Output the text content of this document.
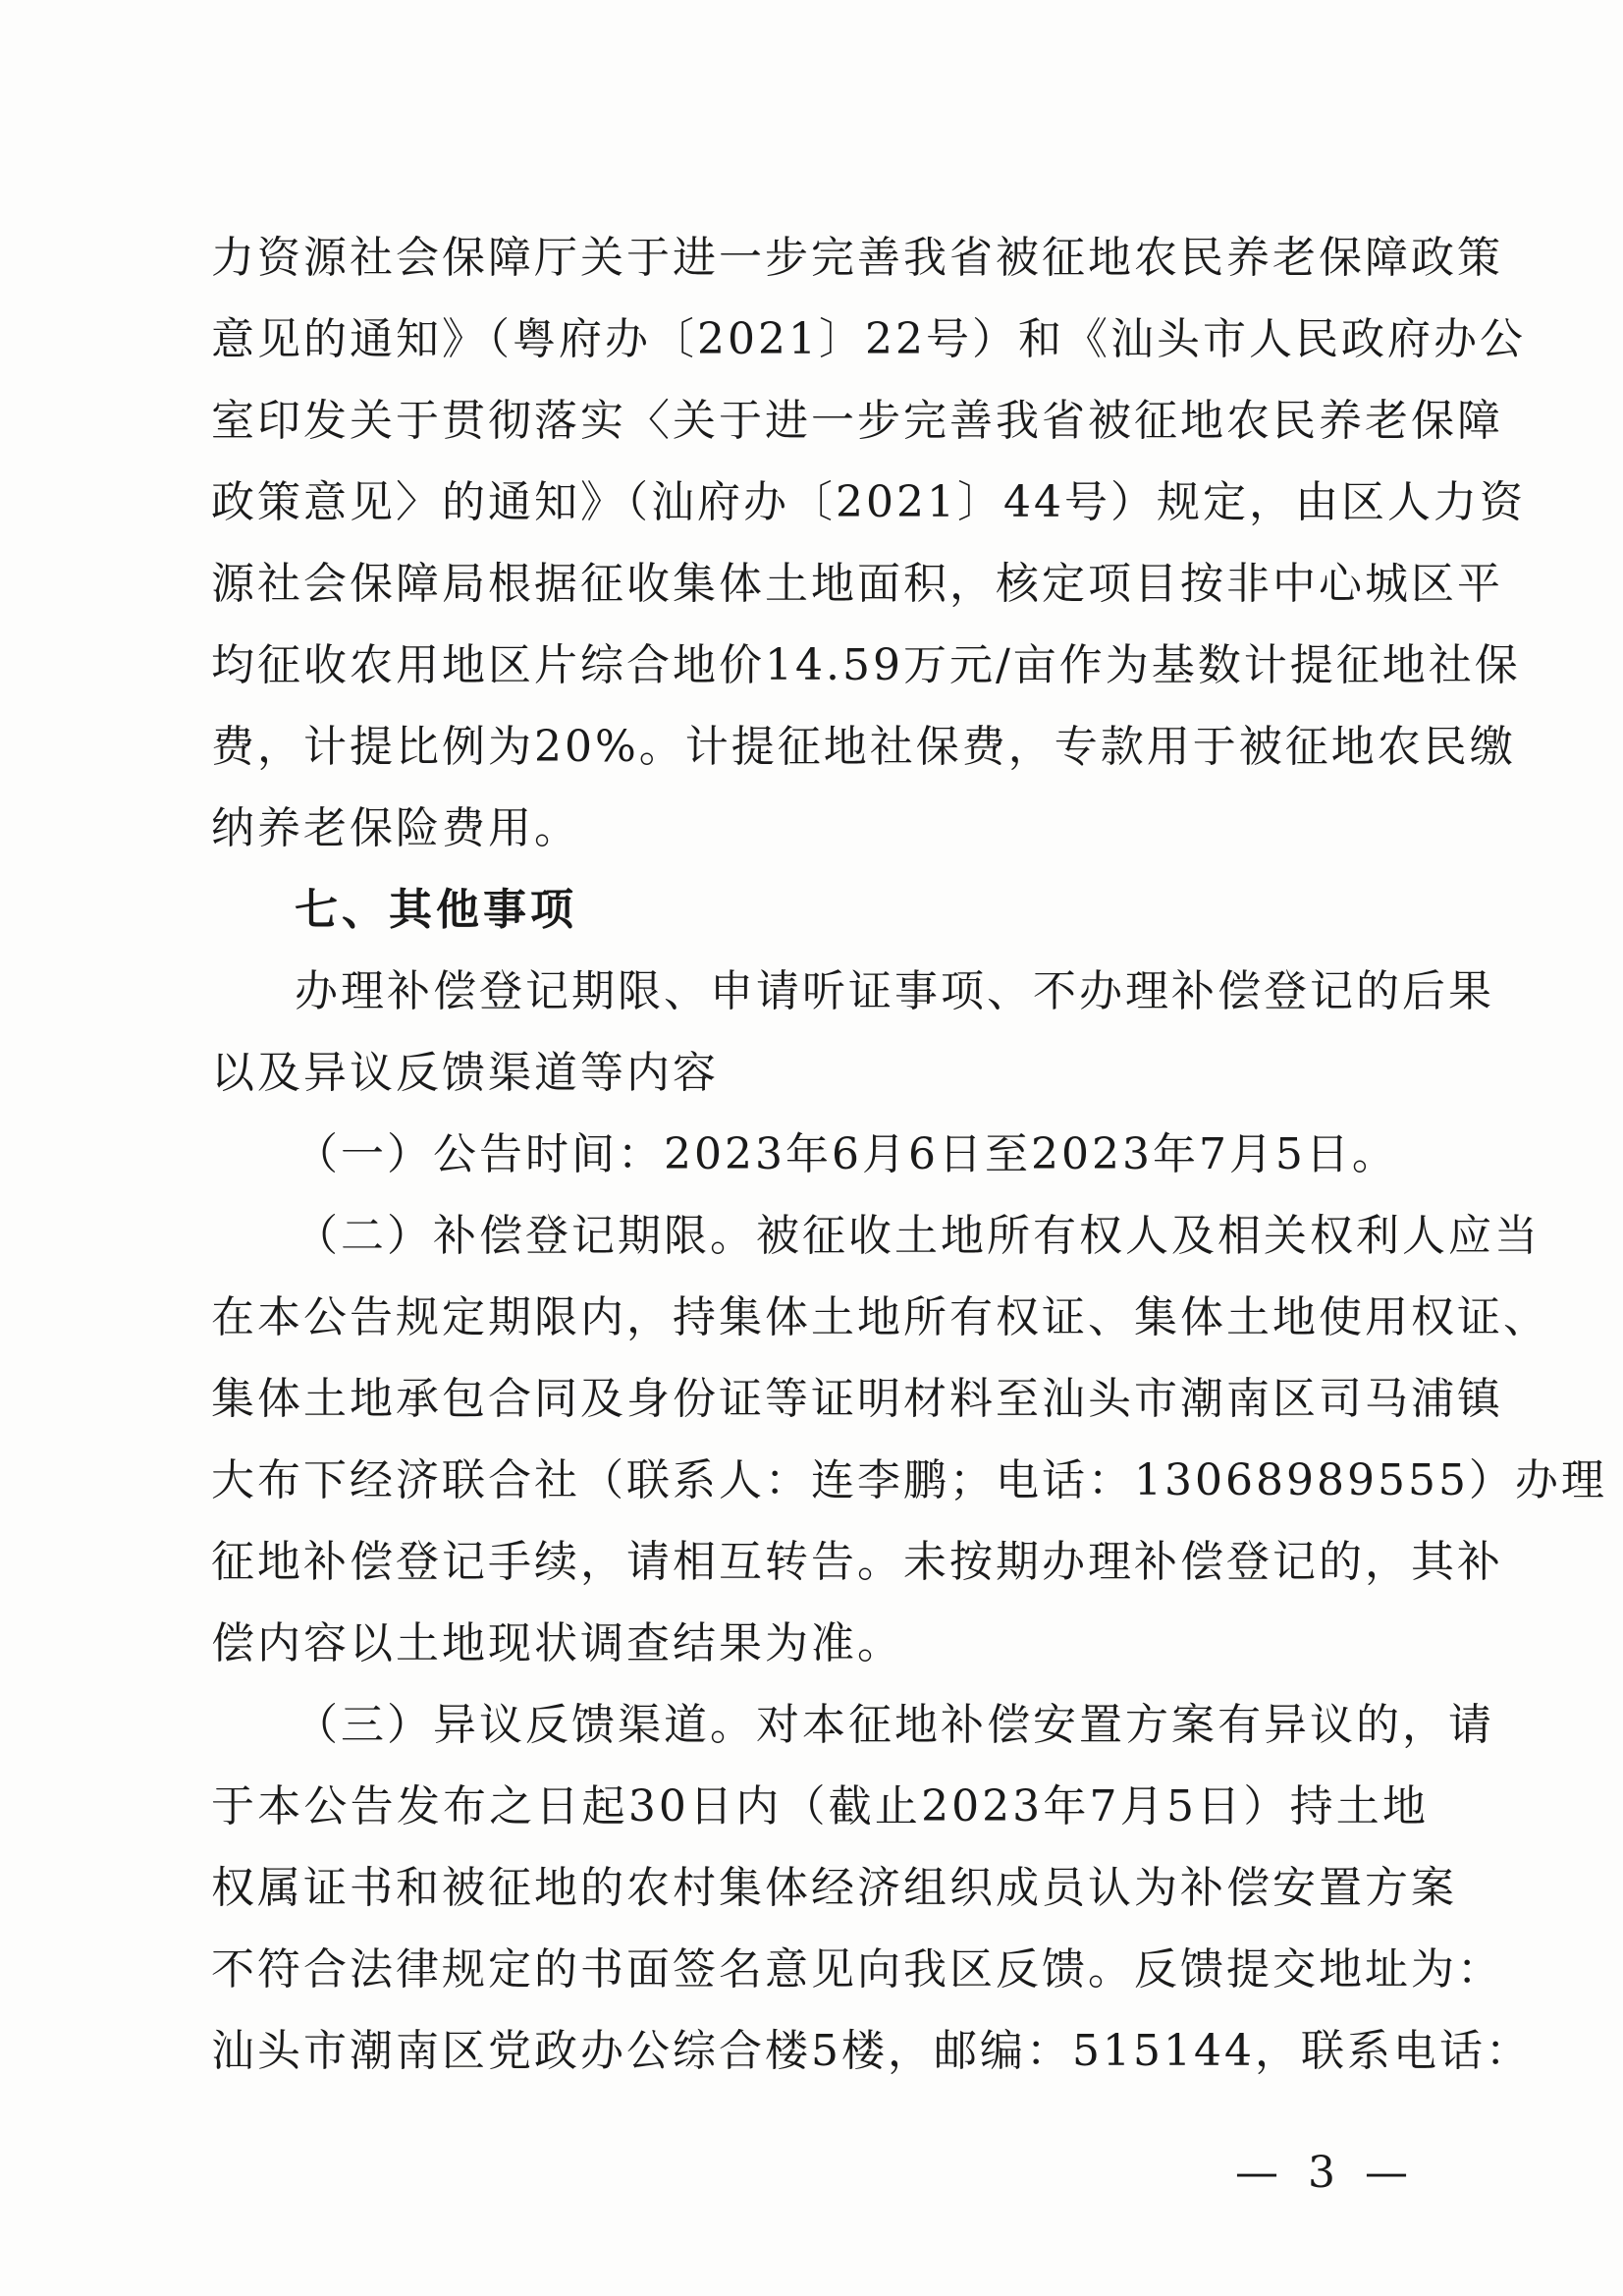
力资源社会保障厅关于进一步完善我省被征地农民养老保障政策
意见的通知》（粤府办〔2021〕22号）和《汕头市人民政府办公
室印发关于贯彻落实〈关于进一步完善我省被征地农民养老保障
政策意见〉的通知》（汕府办〔2021〕44号）规定，由区人力资
源社会保障局根据征收集体土地面积，核定项目按非中心城区平
均征收农用地区片综合地价14.59万元/亩作为基数计提征地社保
费，计提比例为20%。计提征地社保费，专款用于被征地农民缴
纳养老保险费用。
七、其他事项
办理补偿登记期限、申请听证事项、不办理补偿登记的后果
以及异议反馈渠道等内容
（一）公告时间：2023年6月6日至2023年7月5日。
（二）补偿登记期限。被征收土地所有权人及相关权利人应当
在本公告规定期限内，持集体土地所有权证、集体土地使用权证、
集体土地承包合同及身份证等证明材料至汕头市潮南区司马浦镇
大布下经济联合社（联系人：连李鹏；电话：13068989555）办理
征地补偿登记手续，请相互转告。未按期办理补偿登记的，其补
偿内容以土地现状调查结果为准。
（三）异议反馈渠道。对本征地补偿安置方案有异议的，请
于本公告发布之日起30日内（截止2023年7月5日）持土地
权属证书和被征地的农村集体经济组织成员认为补偿安置方案
不符合法律规定的书面签名意见向我区反馈。反馈提交地址为：
汕头市潮南区党政办公综合楼5楼，邮编：515144，联系电话：
— 3 —
